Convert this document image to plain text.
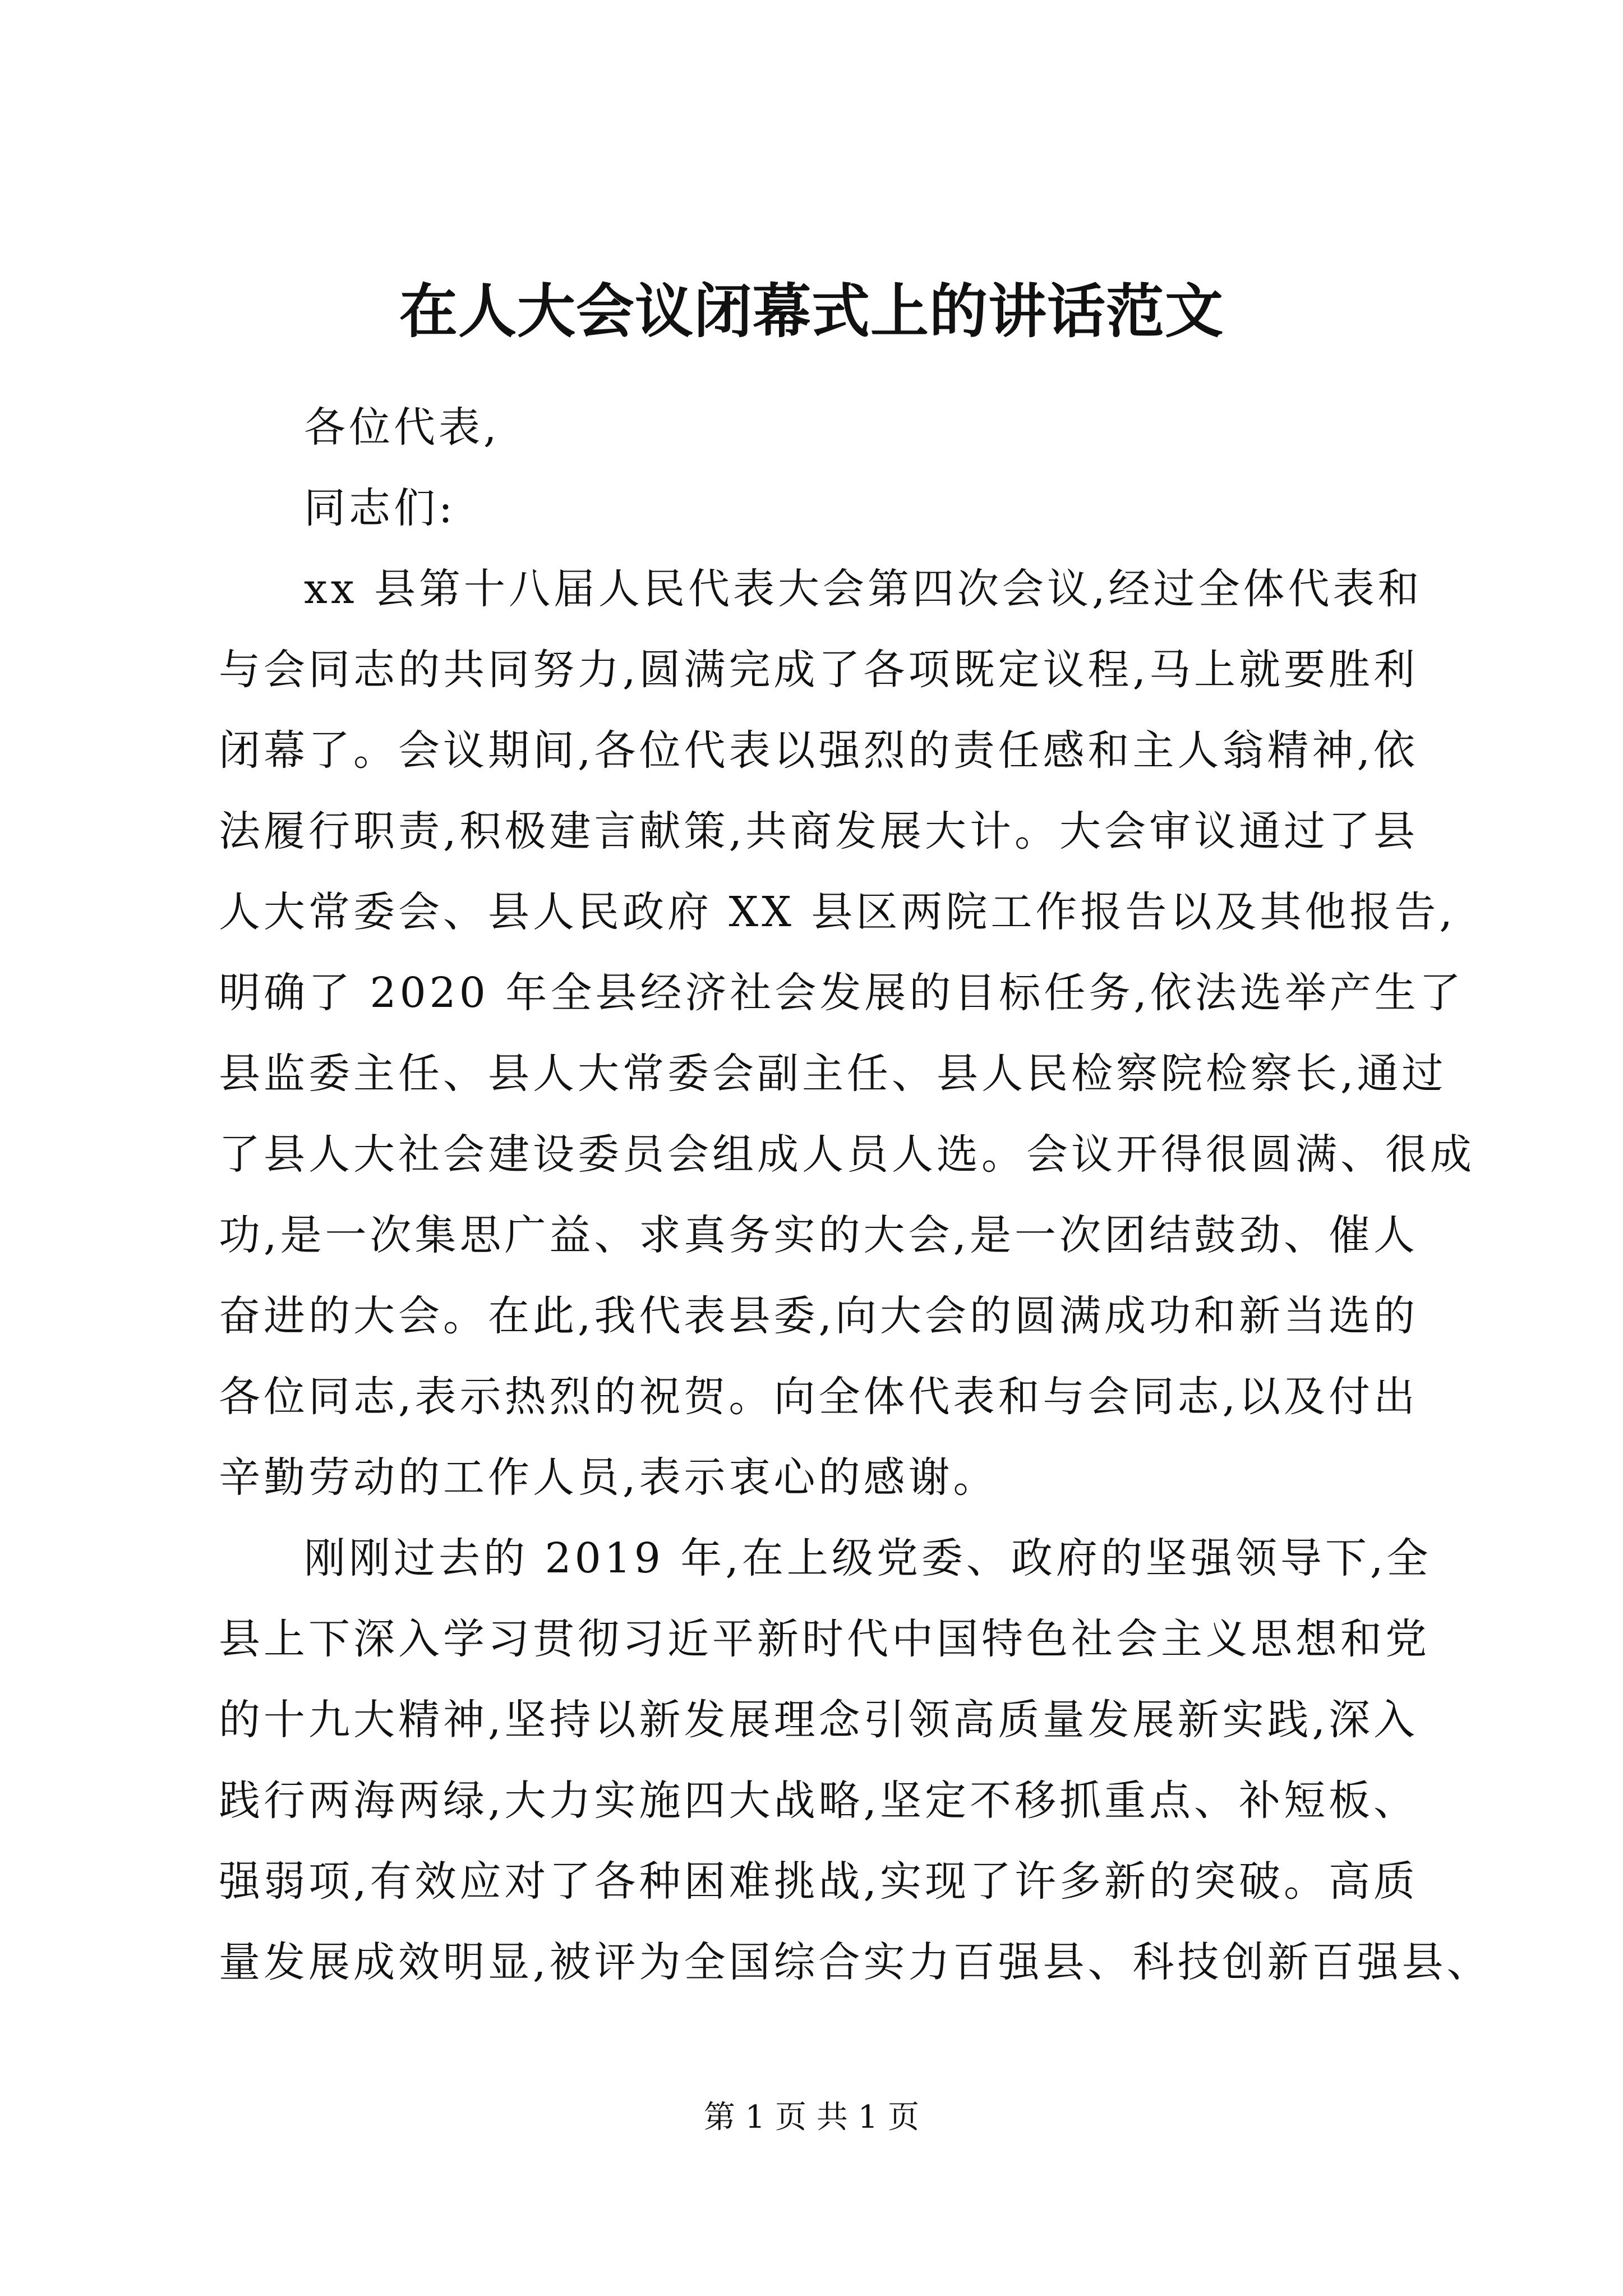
在人大会议闭幕式上的讲话范文
各位代表,
同志们:
xx 县第十八届人民代表大会第四次会议,经过全体代表和
与会同志的共同努力,圆满完成了各项既定议程,马上就要胜利
闭幕了。会议期间,各位代表以强烈的责任感和主人翁精神,依
法履行职责,积极建言献策,共商发展大计。大会审议通过了县
人大常委会、县人民政府 XX 县区两院工作报告以及其他报告,
明确了 2020 年全县经济社会发展的目标任务,依法选举产生了
县监委主任、县人大常委会副主任、县人民检察院检察长,通过
了县人大社会建设委员会组成人员人选。会议开得很圆满、很成
功,是一次集思广益、求真务实的大会,是一次团结鼓劲、催人
奋进的大会。在此,我代表县委,向大会的圆满成功和新当选的
各位同志,表示热烈的祝贺。向全体代表和与会同志,以及付出
辛勤劳动的工作人员,表示衷心的感谢。
刚刚过去的 2019 年,在上级党委、政府的坚强领导下,全
县上下深入学习贯彻习近平新时代中国特色社会主义思想和党
的十九大精神,坚持以新发展理念引领高质量发展新实践,深入
践行两海两绿,大力实施四大战略,坚定不移抓重点、补短板、
强弱项,有效应对了各种困难挑战,实现了许多新的突破。高质
量发展成效明显,被评为全国综合实力百强县、科技创新百强县、
第 1 页 共 1 页
